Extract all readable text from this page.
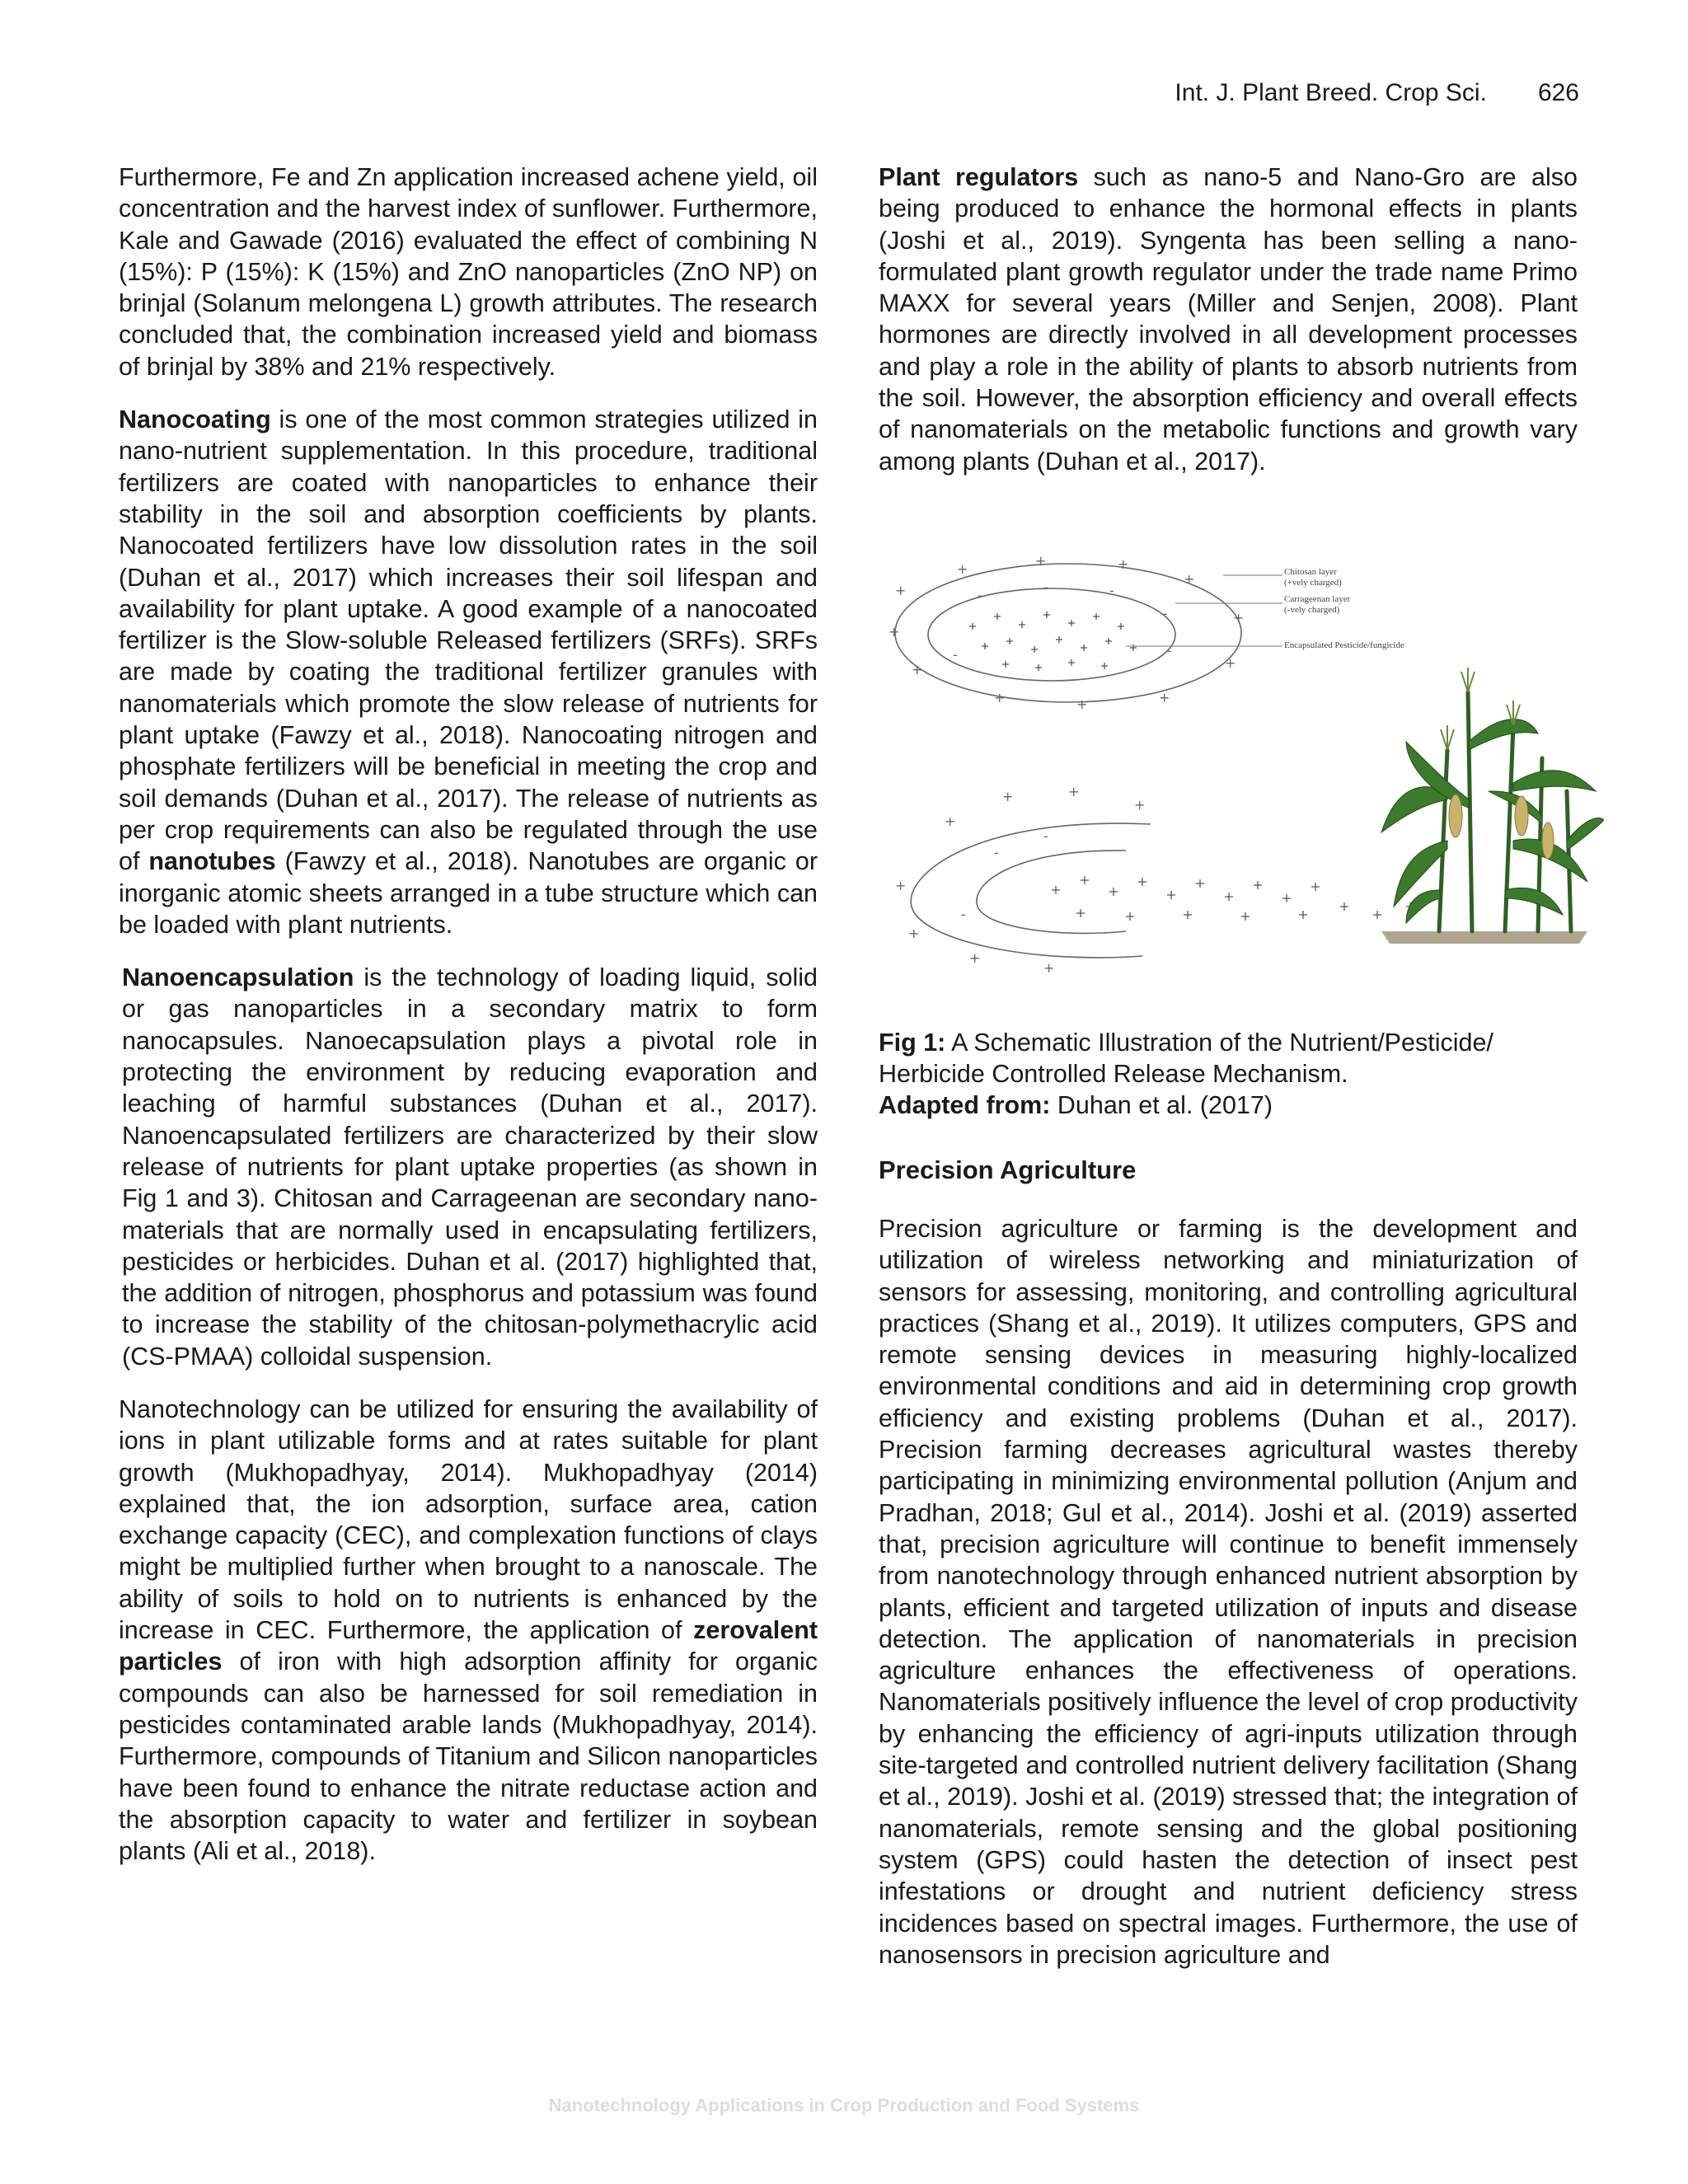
Int. J. Plant Breed. Crop Sci. 626

Furthermore, Fe and Zn application increased achene yield, oil concentration and the harvest index of sunflower. Furthermore, Kale and Gawade (2016) evaluated the effect of combining N (15%): P (15%): K (15%) and ZnO nanoparticles (ZnO NP) on brinjal (Solanum melongena L) growth attributes. The research concluded that, the combination increased yield and biomass of brinjal by 38% and 21% respectively.

Nanocoating is one of the most common strategies utilized in nano-nutrient supplementation. In this procedure, traditional fertilizers are coated with nanoparticles to enhance their stability in the soil and absorption coefficients by plants. Nanocoated fertilizers have low dissolution rates in the soil (Duhan et al., 2017) which increases their soil lifespan and availability for plant uptake. A good example of a nanocoated fertilizer is the Slow-soluble Released fertilizers (SRFs). SRFs are made by coating the traditional fertilizer granules with nanomaterials which promote the slow release of nutrients for plant uptake (Fawzy et al., 2018). Nanocoating nitrogen and phosphate fertilizers will be beneficial in meeting the crop and soil demands (Duhan et al., 2017). The release of nutrients as per crop requirements can also be regulated through the use of nanotubes (Fawzy et al., 2018). Nanotubes are organic or inorganic atomic sheets arranged in a tube structure which can be loaded with plant nutrients.

Nanoencapsulation is the technology of loading liquid, solid or gas nanoparticles in a secondary matrix to form nanocapsules. Nanoecapsulation plays a pivotal role in protecting the environment by reducing evaporation and leaching of harmful substances (Duhan et al., 2017). Nanoencapsulated fertilizers are characterized by their slow release of nutrients for plant uptake properties (as shown in Fig 1 and 3). Chitosan and Carrageenan are secondary nano-materials that are normally used in encapsulating fertilizers, pesticides or herbicides. Duhan et al. (2017) highlighted that, the addition of nitrogen, phosphorus and potassium was found to increase the stability of the chitosan-polymethacrylic acid (CS-PMAA) colloidal suspension.

Nanotechnology can be utilized for ensuring the availability of ions in plant utilizable forms and at rates suitable for plant growth (Mukhopadhyay, 2014). Mukhopadhyay (2014) explained that, the ion adsorption, surface area, cation exchange capacity (CEC), and complexation functions of clays might be multiplied further when brought to a nanoscale. The ability of soils to hold on to nutrients is enhanced by the increase in CEC. Furthermore, the application of zerovalent particles of iron with high adsorption affinity for organic compounds can also be harnessed for soil remediation in pesticides contaminated arable lands (Mukhopadhyay, 2014). Furthermore, compounds of Titanium and Silicon nanoparticles have been found to enhance the nitrate reductase action and the absorption capacity to water and fertilizer in soybean plants (Ali et al., 2018).

Plant regulators such as nano-5 and Nano-Gro are also being produced to enhance the hormonal effects in plants (Joshi et al., 2019). Syngenta has been selling a nano-formulated plant growth regulator under the trade name Primo MAXX for several years (Miller and Senjen, 2008). Plant hormones are directly involved in all development processes and play a role in the ability of plants to absorb nutrients from the soil. However, the absorption efficiency and overall effects of nanomaterials on the metabolic functions and growth vary among plants (Duhan et al., 2017).

+
+
+
+
+	+
+
+
+
+
+
+
-
-	-
-
-
-
Chitosan layer
(+vely charged)
Carrageenan layer
(-vely charged)
Encapsulated Pesticide/fungicide
+
+	+
+
+
+
+
+
-
-
-
Fig 1: A Schematic Illustration of the Nutrient/Pesticide/ Herbicide Controlled Release Mechanism.
Adapted from: Duhan et al. (2017)
Precision Agriculture

Precision agriculture or farming is the development and utilization of wireless networking and miniaturization of sensors for assessing, monitoring, and controlling agricultural practices (Shang et al., 2019). It utilizes computers, GPS and remote sensing devices in measuring highly-localized environmental conditions and aid in determining crop growth efficiency and existing problems (Duhan et al., 2017). Precision farming decreases agricultural wastes thereby participating in minimizing environmental pollution (Anjum and Pradhan, 2018; Gul et al., 2014). Joshi et al. (2019) asserted that, precision agriculture will continue to benefit immensely from nanotechnology through enhanced nutrient absorption by plants, efficient and targeted utilization of inputs and disease detection. The application of nanomaterials in precision agriculture enhances the effectiveness of operations. Nanomaterials positively influence the level of crop productivity by enhancing the efficiency of agri-inputs utilization through site-targeted and controlled nutrient delivery facilitation (Shang et al., 2019). Joshi et al. (2019) stressed that; the integration of nanomaterials, remote sensing and the global positioning system (GPS) could hasten the detection of insect pest infestations or drought and nutrient deficiency stress incidences based on spectral images. Furthermore, the use of nanosensors in precision agriculture and

Nanotechnology Applications in Crop Production and Food Systems
